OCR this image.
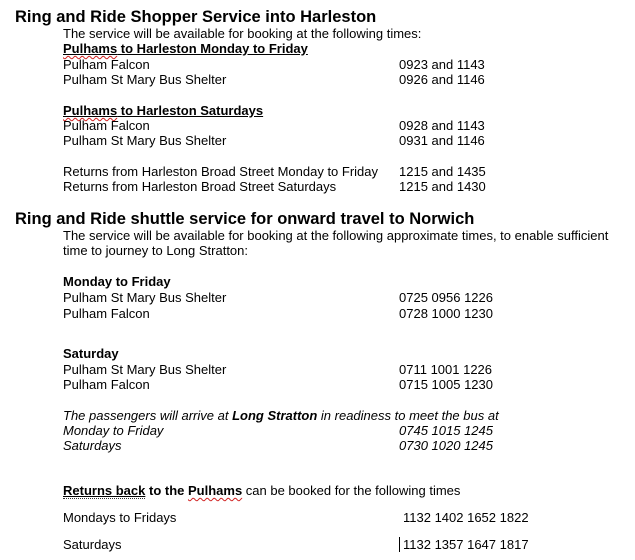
Ring and Ride Shopper Service into Harleston
The service will be available for booking at the following times:
Pulhams to Harleston Monday to Friday
Pulham Falcon	0923 and 1143
Pulham St Mary Bus Shelter	0926 and 1146
Pulhams to Harleston Saturdays
Pulham Falcon	0928 and 1143
Pulham St Mary Bus Shelter	0931 and 1146
Returns from Harleston Broad Street Monday to Friday 1215 and 1435
Returns from Harleston Broad Street Saturdays	1215 and 1430
Ring and Ride shuttle service for onward travel to Norwich
The service will be available for booking at the following approximate times, to enable sufficient
time to journey to Long Stratton:
Monday to Friday
Pulham St Mary Bus Shelter	0725 0956 1226
Pulham Falcon	0728 1000 1230
Saturday
Pulham St Mary Bus Shelter	0711 1001 1226
Pulham Falcon	0715 1005 1230
The passengers will arrive at Long Stratton in readiness to meet the bus at
Monday to Friday	0745 1015 1245
Saturdays	0730 1020 1245
Returns back to the Pulhams can be booked for the following times
Mondays to Fridays	1132 1402 1652 1822
Saturdays	1132 1357 1647 1817
